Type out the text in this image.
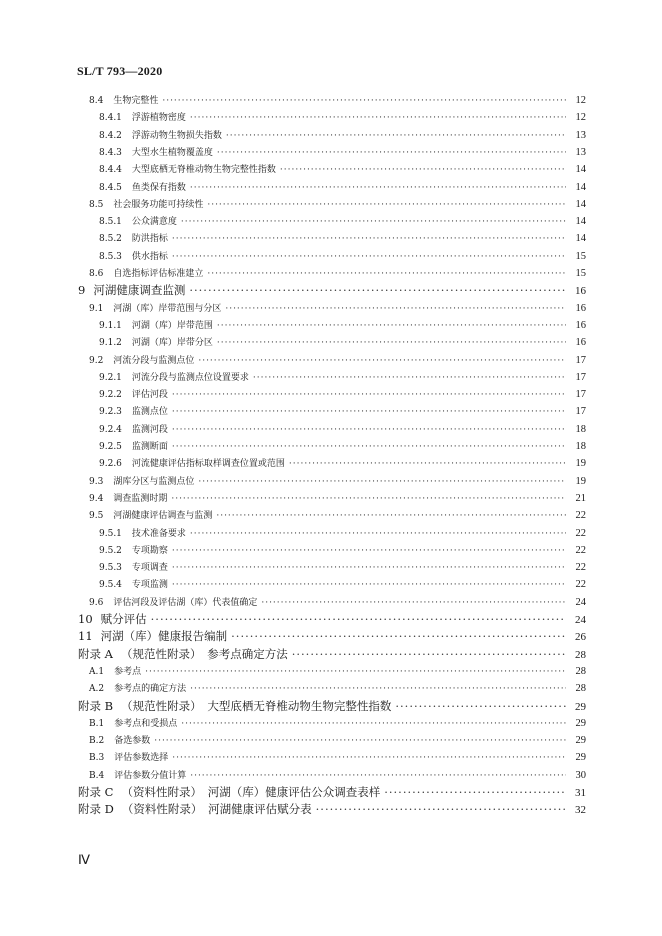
SL/T 793—2020
8.4 生物完整性 ·····	12
8.4.1 浮游植物密度 ·····	12
8.4.2 浮游动物生物损失指数 ·····	13
8.4.3 大型水生植物覆盖度 ·····	13
8.4.4 大型底栖无脊椎动物生物完整性指数 ·····	14
8.4.5 鱼类保有指数 ·····	14
8.5 社会服务功能可持续性 ·····	14
8.5.1 公众满意度 ·····	14
8.5.2 防洪指标 ·····	14
8.5.3 供水指标 ·····	15
8.6 自选指标评估标准建立 ·····	15
9 河湖健康调查监测 ·····	16
9.1 河湖（库）岸带范围与分区 ·····	16
9.1.1 河湖（库）岸带范围 ·····	16
9.1.2 河湖（库）岸带分区 ·····	16
9.2 河流分段与监测点位 ·····	17
9.2.1 河流分段与监测点位设置要求 ·····	17
9.2.2 评估河段 ·····	17
9.2.3 监测点位 ·····	17
9.2.4 监测河段 ·····	18
9.2.5 监测断面 ·····	18
9.2.6 河流健康评估指标取样调查位置或范围 ·····	19
9.3 湖库分区与监测点位 ·····	19
9.4 调查监测时期 ·····	21
9.5 河湖健康评估调查与监测 ·····	22
9.5.1 技术准备要求 ·····	22
9.5.2 专项勘察 ·····	22
9.5.3 专项调查 ·····	22
9.5.4 专项监测 ·····	22
9.6 评估河段及评估湖（库）代表值确定 ·····	24
10 赋分评估 ·····	24
11 河湖（库）健康报告编制 ·····	26
附录 A （规范性附录）　参考点确定方法 ·····	28
A.1 参考点 ·····	28
A.2 参考点的确定方法 ·····	28
附录 B （规范性附录）　大型底栖无脊椎动物生物完整性指数 ·····	29
B.1 参考点和受损点 ·····	29
B.2 备选参数 ·····	29
B.3 评估参数选择 ·····	29
B.4 评估参数分值计算 ·····	30
附录 C （资料性附录）　河湖（库）健康评估公众调查表样 ·····	31
附录 D （资料性附录）　河湖健康评估赋分表 ·····	32
Ⅳ
